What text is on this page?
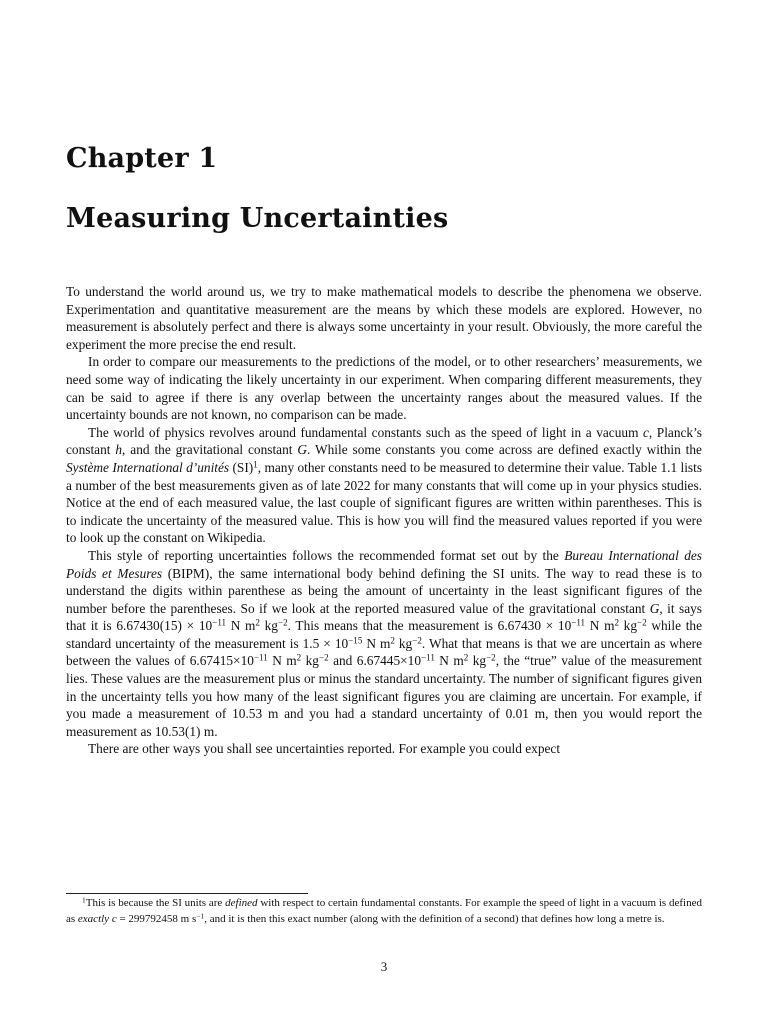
Chapter 1
Measuring Uncertainties

To understand the world around us, we try to make mathematical models to describe the phenomena we observe. Experimentation and quantitative measurement are the means by which these models are explored. However, no measurement is absolutely perfect and there is always some uncertainty in your result. Obviously, the more careful the experiment the more precise the end result.

In order to compare our measurements to the predictions of the model, or to other researchers’ measurements, we need some way of indicating the likely uncertainty in our experiment. When comparing different measurements, they can be said to agree if there is any overlap between the uncertainty ranges about the measured values. If the uncertainty bounds are not known, no comparison can be made.

The world of physics revolves around fundamental constants such as the speed of light in a vacuum c, Planck’s constant h, and the gravitational constant G. While some constants you come across are defined exactly within the Système International d’unités (SI)$^1$, many other constants need to be measured to determine their value. Table 1.1 lists a number of the best measurements given as of late 2022 for many constants that will come up in your physics studies. Notice at the end of each measured value, the last couple of significant figures are written within parentheses. This is to indicate the uncertainty of the measured value. This is how you will find the measured values reported if you were to look up the constant on Wikipedia.

This style of reporting uncertainties follows the recommended format set out by the Bureau International des Poids et Mesures (BIPM), the same international body behind defining the SI units. The way to read these is to understand the digits within parenthese as being the amount of uncertainty in the least significant figures of the number before the parentheses. So if we look at the reported measured value of the gravitational constant G, it says that it is $6.67430(15) \times 10^{-11}$ N $m^2$ $kg^{-2}$. This means that the measurement is $6.67430 \times 10^{-11}$ N $m^2$ $kg^{-2}$ while the standard uncertainty of the measurement is $1.5 \times 10^{-15}$ N $m^2$ $kg^{-2}$. What that means is that we are uncertain as where between the values of $6.67415\times 10^{-11}$ N $m^2$ $kg^{-2}$ and $6.67445\times 10^{-11}$ N $m^2$ $kg^{-2}$, the “true” value of the measurement lies. These values are the measurement plus or minus the standard uncertainty. The number of significant figures given in the uncertainty tells you how many of the least significant figures you are claiming are uncertain. For example, if you made a measurement of 10.53 m and you had a standard uncertainty of 0.01 m, then you would report the measurement as 10.53(1) m.

There are other ways you shall see uncertainties reported. For example you could expect

$^1$This is because the SI units are defined with respect to certain fundamental constants. For example the speed of light in a vacuum is defined as exactly c = 299792458 m $s^{-1}$, and it is then this exact number (along with the definition of a second) that defines how long a metre is.

3
